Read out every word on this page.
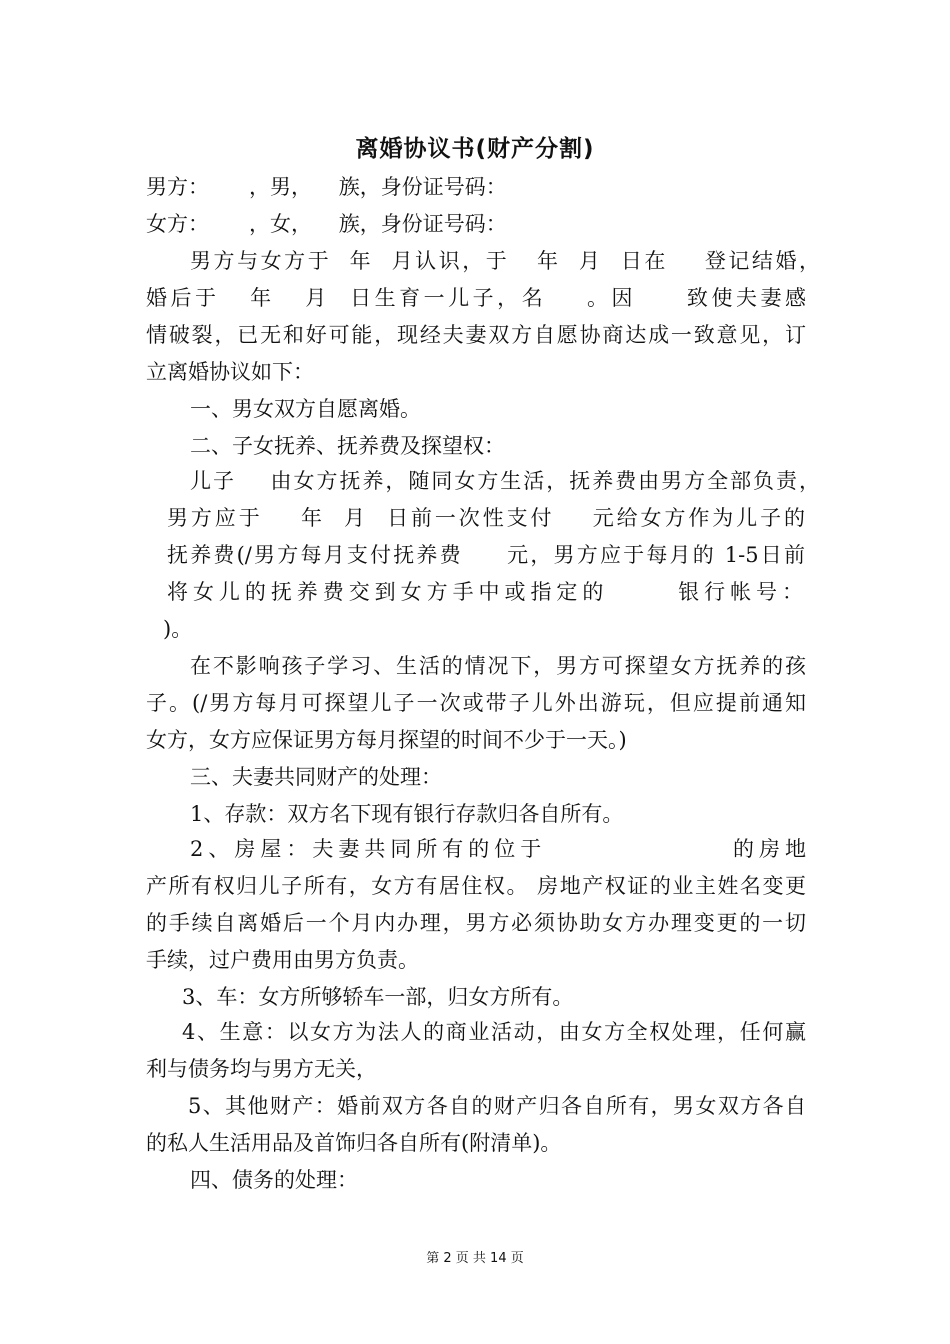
离婚协议书(财产分割)
男方：      ，男，    族，身份证号码：
女方：      ，女，    族，身份证号码：
男方与女方于  年  月认识，于   年  月  日在    登记结婚，
婚后于   年   月  日生育一儿子，名    。因     致使夫妻感
情破裂，已无和好可能，现经夫妻双方自愿协商达成一致意见，订
立离婚协议如下：
一、男女双方自愿离婚。
二、子女抚养、抚养费及探望权：
儿子    由女方抚养，随同女方生活，抚养费由男方全部负责，
男方应于    年  月  日前一次性支付    元给女方作为儿子的
抚养费(/男方每月支付抚养费     元，男方应于每月的 1-5日前
将女儿的抚养费交到女方手中或指定的      银行帐号：
)。
在不影响孩子学习、生活的情况下，男方可探望女方抚养的孩
子。(/男方每月可探望儿子一次或带子儿外出游玩，但应提前通知
女方，女方应保证男方每月探望的时间不少于一天。)
三、夫妻共同财产的处理：
1、存款：双方名下现有银行存款归各自所有。
2、房屋：夫妻共同所有的位于                的房地
产所有权归儿子所有，女方有居住权。 房地产权证的业主姓名变更
的手续自离婚后一个月内办理，男方必须协助女方办理变更的一切
手续，过户费用由男方负责。
3、车：女方所够轿车一部，归女方所有。
4、生意：以女方为法人的商业活动，由女方全权处理，任何赢
利与债务均与男方无关，
5、其他财产：婚前双方各自的财产归各自所有，男女双方各自
的私人生活用品及首饰归各自所有(附清单)。
四、债务的处理：
第 2 页 共 14 页
